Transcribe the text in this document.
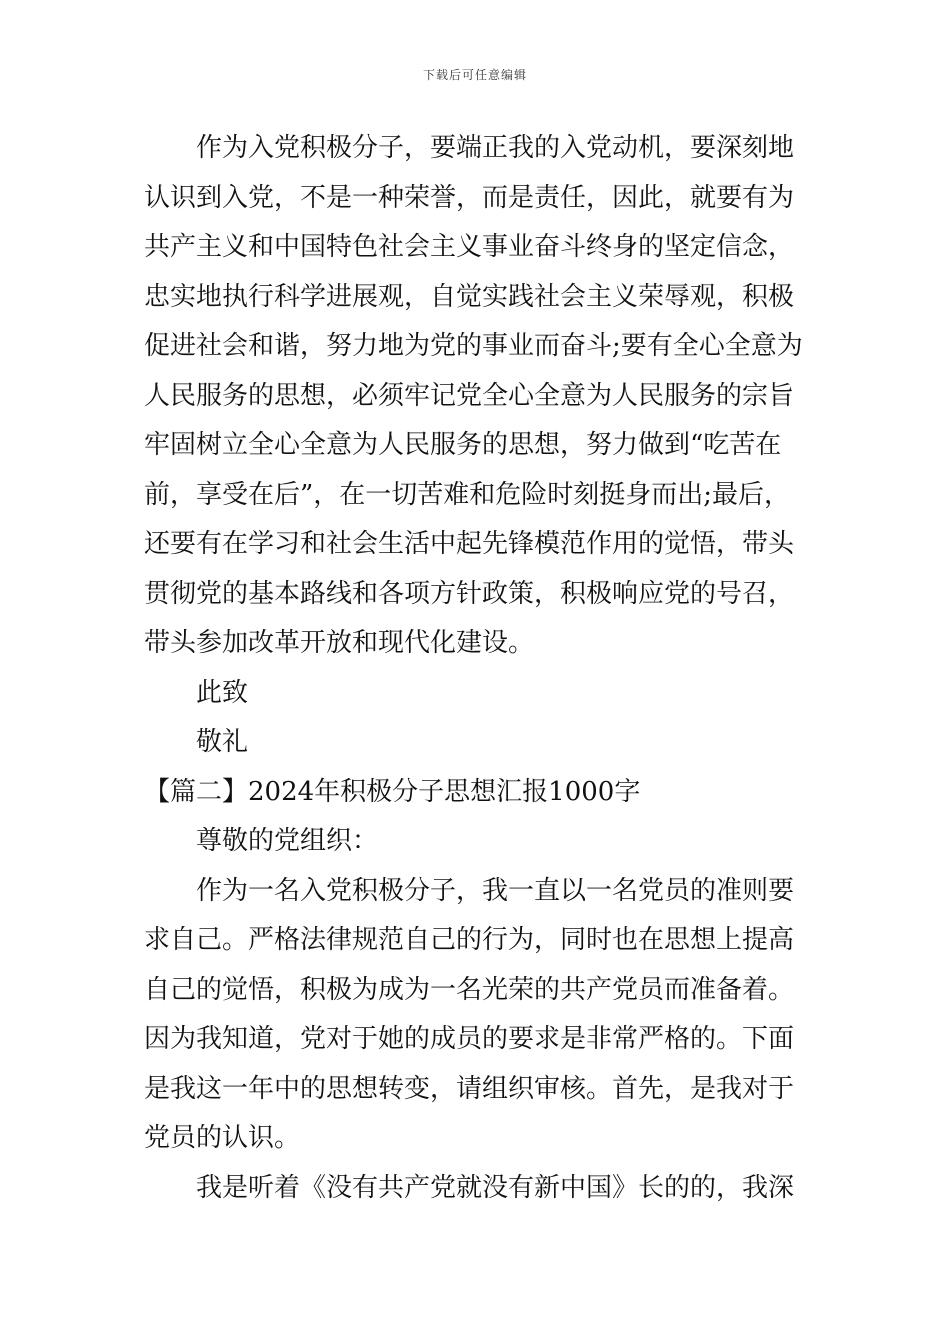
下载后可任意编辑
作为入党积极分子，要端正我的入党动机，要深刻地
认识到入党，不是一种荣誉，而是责任，因此，就要有为
共产主义和中国特色社会主义事业奋斗终身的坚定信念，
忠实地执行科学进展观，自觉实践社会主义荣辱观，积极
促进社会和谐，努力地为党的事业而奋斗;要有全心全意为
人民服务的思想，必须牢记党全心全意为人民服务的宗旨
牢固树立全心全意为人民服务的思想，努力做到“吃苦在
前，享受在后”，在一切苦难和危险时刻挺身而出;最后，
还要有在学习和社会生活中起先锋模范作用的觉悟，带头
贯彻党的基本路线和各项方针政策，积极响应党的号召，
带头参加改革开放和现代化建设。
此致
敬礼
【篇二】2024年积极分子思想汇报1000字
尊敬的党组织：
作为一名入党积极分子，我一直以一名党员的准则要
求自己。严格法律规范自己的行为，同时也在思想上提高
自己的觉悟，积极为成为一名光荣的共产党员而准备着。
因为我知道，党对于她的成员的要求是非常严格的。下面
是我这一年中的思想转变，请组织审核。首先，是我对于
党员的认识。
我是听着《没有共产党就没有新中国》长的的，我深
